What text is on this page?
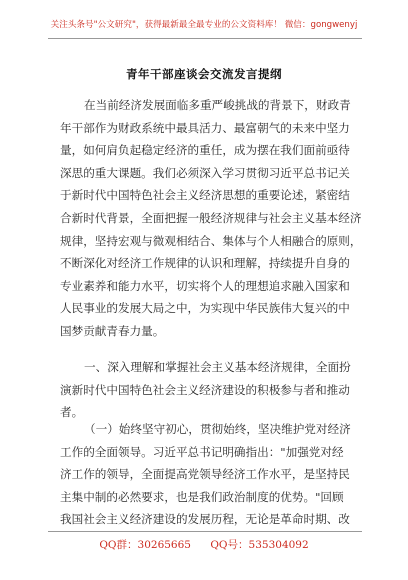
关注头条号"公文研究"，获得最新最全最专业的公文资料库！ 微信：gongwenyj
青年干部座谈会交流发言提纲
在当前经济发展面临多重严峻挑战的背景下，财政青
年干部作为财政系统中最具活力、最富朝气的未来中坚力
量，如何肩负起稳定经济的重任，成为摆在我们面前亟待
深思的重大课题。我们必须深入学习贯彻习近平总书记关
于新时代中国特色社会主义经济思想的重要论述，紧密结
合新时代背景，全面把握一般经济规律与社会主义基本经济
规律，坚持宏观与微观相结合、集体与个人相融合的原则，
不断深化对经济工作规律的认识和理解，持续提升自身的
专业素养和能力水平，切实将个人的理想追求融入国家和
人民事业的发展大局之中，为实现中华民族伟大复兴的中
国梦贡献青春力量。
一、深入理解和掌握社会主义基本经济规律，全面扮
演新时代中国特色社会主义经济建设的积极参与者和推动
者。
（一）始终坚守初心，贯彻始终，坚决维护党对经济
工作的全面领导。习近平总书记明确指出："加强党对经
济工作的领导，全面提高党领导经济工作水平，是坚持民
主集中制的必然要求，也是我们政治制度的优势。"回顾
我国社会主义经济建设的发展历程，无论是革命时期、改
QQ群：30265665 QQ号：535304092
